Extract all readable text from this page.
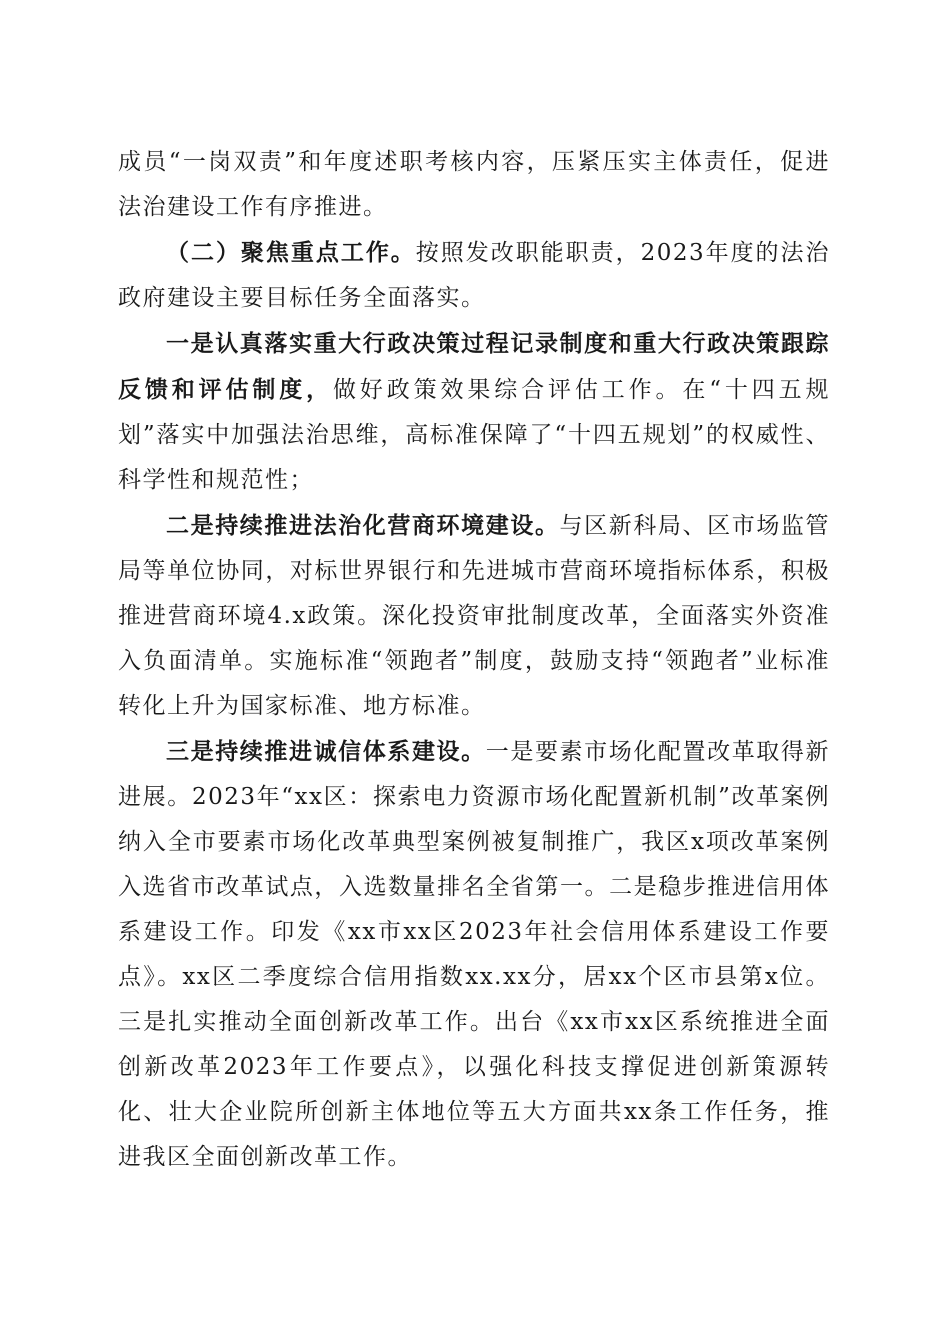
成员“一岗双责”和年度述职考核内容，压紧压实主体责任，促进法治建设工作有序推进。

（二）聚焦重点工作。按照发改职能职责，2023年度的法治政府建设主要目标任务全面落实。

一是认真落实重大行政决策过程记录制度和重大行政决策跟踪反馈和评估制度，做好政策效果综合评估工作。在“十四五规划”落实中加强法治思维，高标准保障了“十四五规划”的权威性、科学性和规范性；

二是持续推进法治化营商环境建设。与区新科局、区市场监管局等单位协同，对标世界银行和先进城市营商环境指标体系，积极推进营商环境4.x政策。深化投资审批制度改革，全面落实外资准入负面清单。实施标准“领跑者”制度，鼓励支持“领跑者”业标准转化上升为国家标准、地方标准。

三是持续推进诚信体系建设。一是要素市场化配置改革取得新进展。2023年“xx区：探索电力资源市场化配置新机制”改革案例纳入全市要素市场化改革典型案例被复制推广，我区x项改革案例入选省市改革试点，入选数量排名全省第一。二是稳步推进信用体系建设工作。印发《xx市xx区2023年社会信用体系建设工作要点》。xx区二季度综合信用指数xx.xx分，居xx个区市县第x位。三是扎实推动全面创新改革工作。出台《xx市xx区系统推进全面创新改革2023年工作要点》，以强化科技支撑促进创新策源转化、壮大企业院所创新主体地位等五大方面共xx条工作任务，推进我区全面创新改革工作。
